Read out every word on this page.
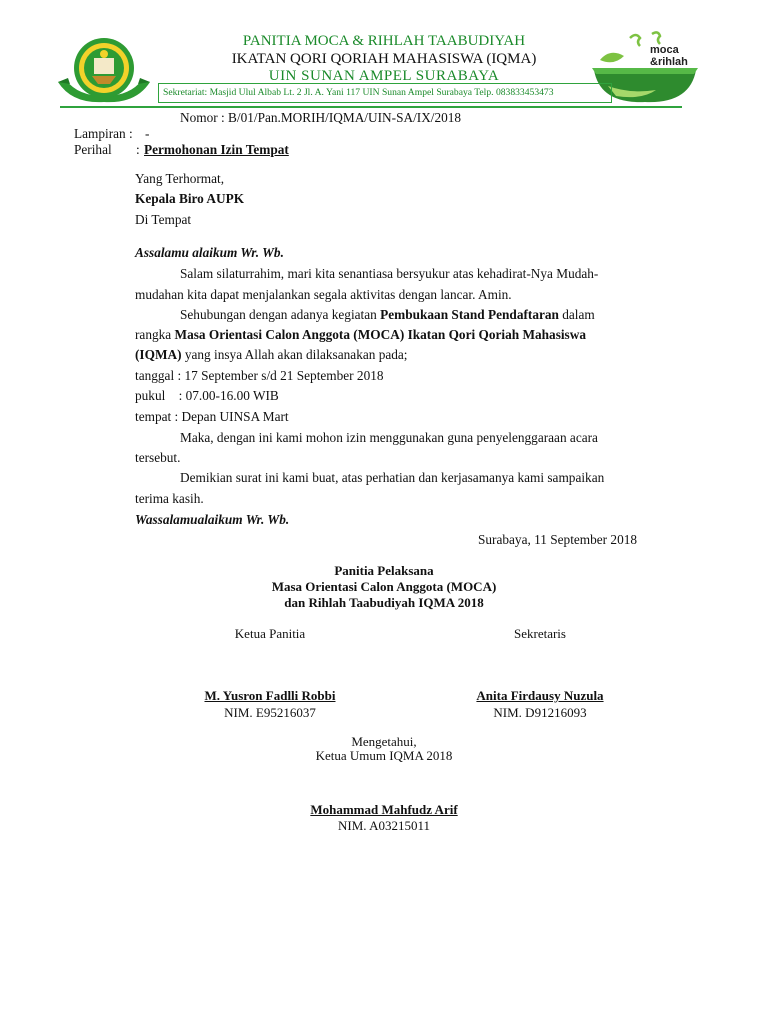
moca
&rihlah
PANITIA MOCA & RIHLAH TAABUDIYAH
IKATAN QORI QORIAH MAHASISWA (IQMA)
UIN SUNAN AMPEL SURABAYA
Sekretariat: Masjid Ulul Albab Lt. 2 Jl. A. Yani 117 UIN Sunan Ampel Surabaya Telp. 083833453473
Nomor : B/01/Pan.MORIH/IQMA/UIN-SA/IX/2018
Lampiran : -
Perihal : Permohonan Izin Tempat
Yang Terhormat,
Kepala Biro AUPK
Di Tempat
Assalamu alaikum Wr. Wb.
Salam silaturrahim, mari kita senantiasa bersyukur atas kehadirat-Nya Mudah-
mudahan kita dapat menjalankan segala aktivitas dengan lancar. Amin.
Sehubungan dengan adanya kegiatan Pembukaan Stand Pendaftaran dalam
rangka Masa Orientasi Calon Anggota (MOCA) Ikatan Qori Qoriah Mahasiswa
(IQMA) yang insya Allah akan dilaksanakan pada;
tanggal : 17 September s/d 21 September 2018
pukul    : 07.00-16.00 WIB
tempat : Depan UINSA Mart
Maka, dengan ini kami mohon izin menggunakan guna penyelenggaraan acara
tersebut.
Demikian surat ini kami buat, atas perhatian dan kerjasamanya kami sampaikan
terima kasih.
Wassalamualaikum Wr. Wb.
Surabaya, 11 September 2018
Panitia Pelaksana
Masa Orientasi Calon Anggota (MOCA)
dan Rihlah Taabudiyah IQMA 2018
Ketua Panitia	Sekretaris
M. Yusron Fadlli Robbi
NIM. E95216037
Anita Firdausy Nuzula
NIM. D91216093
Mengetahui,
Ketua Umum IQMA 2018
Mohammad Mahfudz Arif
NIM. A03215011
